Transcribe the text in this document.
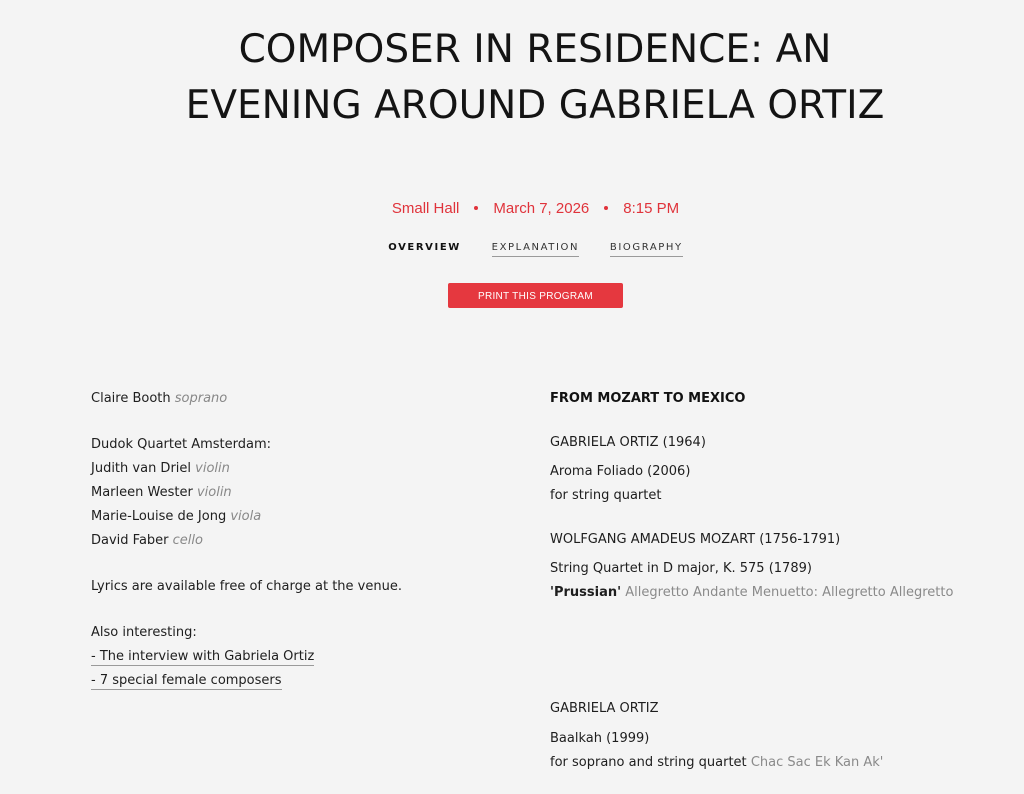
COMPOSER IN RESIDENCE: AN EVENING AROUND GABRIELA ORTIZ
Small Hall March 7, 2026 8:15 PM
OVERVIEW	EXPLANATION	BIOGRAPHY
PRINT THIS PROGRAM
Claire Booth soprano
Dudok Quartet Amsterdam:
Judith van Driel violin
Marleen Wester violin
Marie-Louise de Jong viola
David Faber cello
Lyrics are available free of charge at the venue.
Also interesting:
- The interview with Gabriela Ortiz
- 7 special female composers
FROM MOZART TO MEXICO
GABRIELA ORTIZ (1964)
Aroma Foliado (2006)
for string quartet
WOLFGANG AMADEUS MOZART (1756-1791)
String Quartet in D major, K. 575 (1789)
'Prussian' Allegretto Andante Menuetto: Allegretto Allegretto
GABRIELA ORTIZ
Baalkah (1999)
for soprano and string quartet Chac Sac Ek Kan Ak'
